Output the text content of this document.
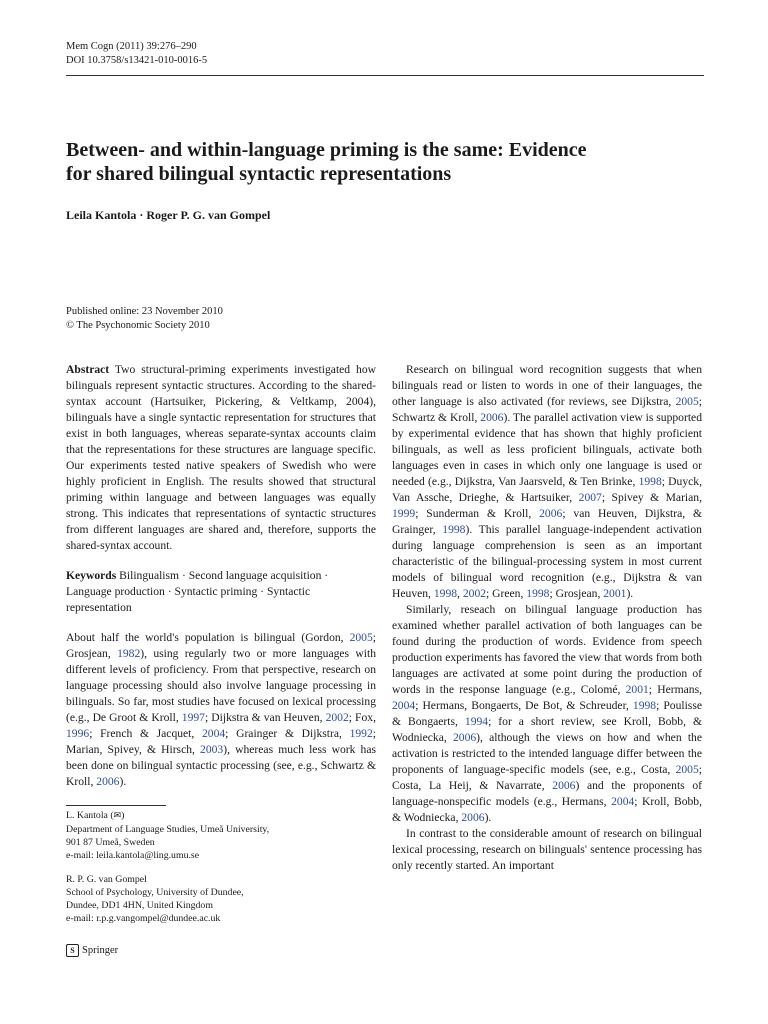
Mem Cogn (2011) 39:276–290
DOI 10.3758/s13421-010-0016-5
Between- and within-language priming is the same: Evidence
for shared bilingual syntactic representations
Leila Kantola · Roger P. G. van Gompel
Published online: 23 November 2010
© The Psychonomic Society 2010

Abstract Two structural-priming experiments investigated how bilinguals represent syntactic structures. According to the shared-syntax account (Hartsuiker, Pickering, & Veltkamp, 2004), bilinguals have a single syntactic representation for structures that exist in both languages, whereas separate-syntax accounts claim that the representations for these structures are language specific. Our experiments tested native speakers of Swedish who were highly proficient in English. The results showed that structural priming within language and between languages was equally strong. This indicates that representations of syntactic structures from different languages are shared and, therefore, supports the shared-syntax account.

Keywords Bilingualism · Second language acquisition · Language production · Syntactic priming · Syntactic representation

About half the world's population is bilingual (Gordon, 2005; Grosjean, 1982), using regularly two or more languages with different levels of proficiency. From that perspective, research on language processing should also involve language processing in bilinguals. So far, most studies have focused on lexical processing (e.g., De Groot & Kroll, 1997; Dijkstra & van Heuven, 2002; Fox, 1996; French & Jacquet, 2004; Grainger & Dijkstra, 1992; Marian, Spivey, & Hirsch, 2003), whereas much less work has been done on bilingual syntactic processing (see, e.g., Schwartz & Kroll, 2006).

L. Kantola (✉)
Department of Language Studies, Umeå University,
901 87 Umeå, Sweden
e-mail: leila.kantola@ling.umu.se
R. P. G. van Gompel
School of Psychology, University of Dundee,
Dundee, DD1 4HN, United Kingdom
e-mail: r.p.g.vangompel@dundee.ac.uk
S Springer

Research on bilingual word recognition suggests that when bilinguals read or listen to words in one of their languages, the other language is also activated (for reviews, see Dijkstra, 2005; Schwartz & Kroll, 2006). The parallel activation view is supported by experimental evidence that has shown that highly proficient bilinguals, as well as less proficient bilinguals, activate both languages even in cases in which only one language is used or needed (e.g., Dijkstra, Van Jaarsveld, & Ten Brinke, 1998; Duyck, Van Assche, Drieghe, & Hartsuiker, 2007; Spivey & Marian, 1999; Sunderman & Kroll, 2006; van Heuven, Dijkstra, & Grainger, 1998). This parallel language-independent activation during language comprehension is seen as an important characteristic of the bilingual-processing system in most current models of bilingual word recognition (e.g., Dijkstra & van Heuven, 1998, 2002; Green, 1998; Grosjean, 2001).

Similarly, reseach on bilingual language production has examined whether parallel activation of both languages can be found during the production of words. Evidence from speech production experiments has favored the view that words from both languages are activated at some point during the production of words in the response language (e.g., Colomé, 2001; Hermans, 2004; Hermans, Bongaerts, De Bot, & Schreuder, 1998; Poulisse & Bongaerts, 1994; for a short review, see Kroll, Bobb, & Wodniecka, 2006), although the views on how and when the activation is restricted to the intended language differ between the proponents of language-specific models (see, e.g., Costa, 2005; Costa, La Heij, & Navarrate, 2006) and the proponents of language-nonspecific models (e.g., Hermans, 2004; Kroll, Bobb, & Wodniecka, 2006).

In contrast to the considerable amount of research on bilingual lexical processing, research on bilinguals' sentence processing has only recently started. An important
